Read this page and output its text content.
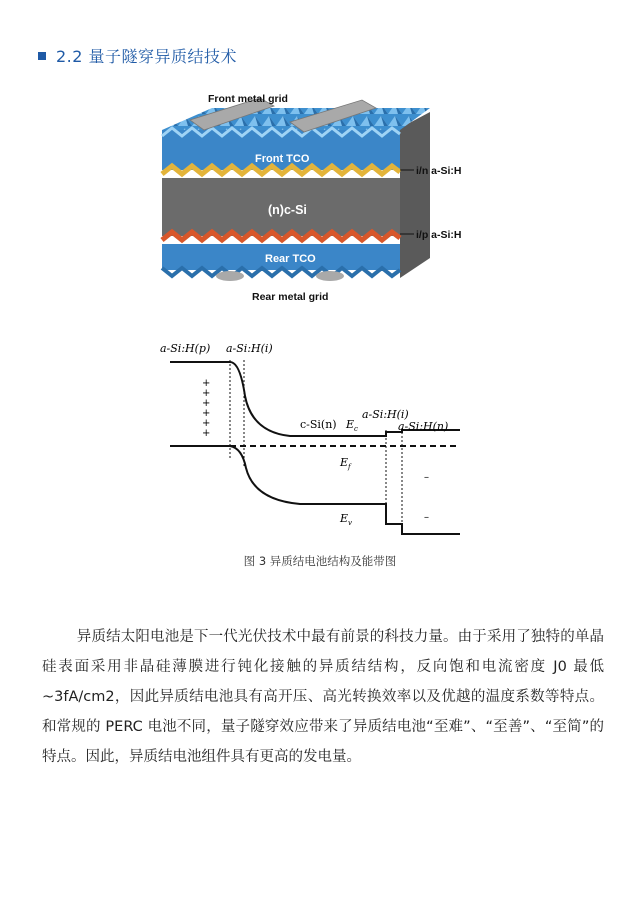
2.2 量子隧穿异质结技术
Front metal grid
Front TCO
(n)c-Si
Rear TCO
Rear metal grid
i/n a-Si:H
i/p a-Si:H
+
+
+
+
+
+
–
–
a-Si:H(p) a-Si:H(i)
c-Si(n) $E_c$
a-Si:H(i)
a-Si:H(n)
$E_f$
$E_v$
图 3 异质结电池结构及能带图

异质结太阳电池是下一代光伏技术中最有前景的科技力量。由于采用了独特的单晶硅表面采用非晶硅薄膜进行钝化接触的异质结结构，反向饱和电流密度 J0 最低~3fA/cm2，因此异质结电池具有高开压、高光转换效率以及优越的温度系数等特点。和常规的 PERC 电池不同，量子隧穿效应带来了异质结电池“至难”、“至善”、“至简”的特点。因此，异质结电池组件具有更高的发电量。
